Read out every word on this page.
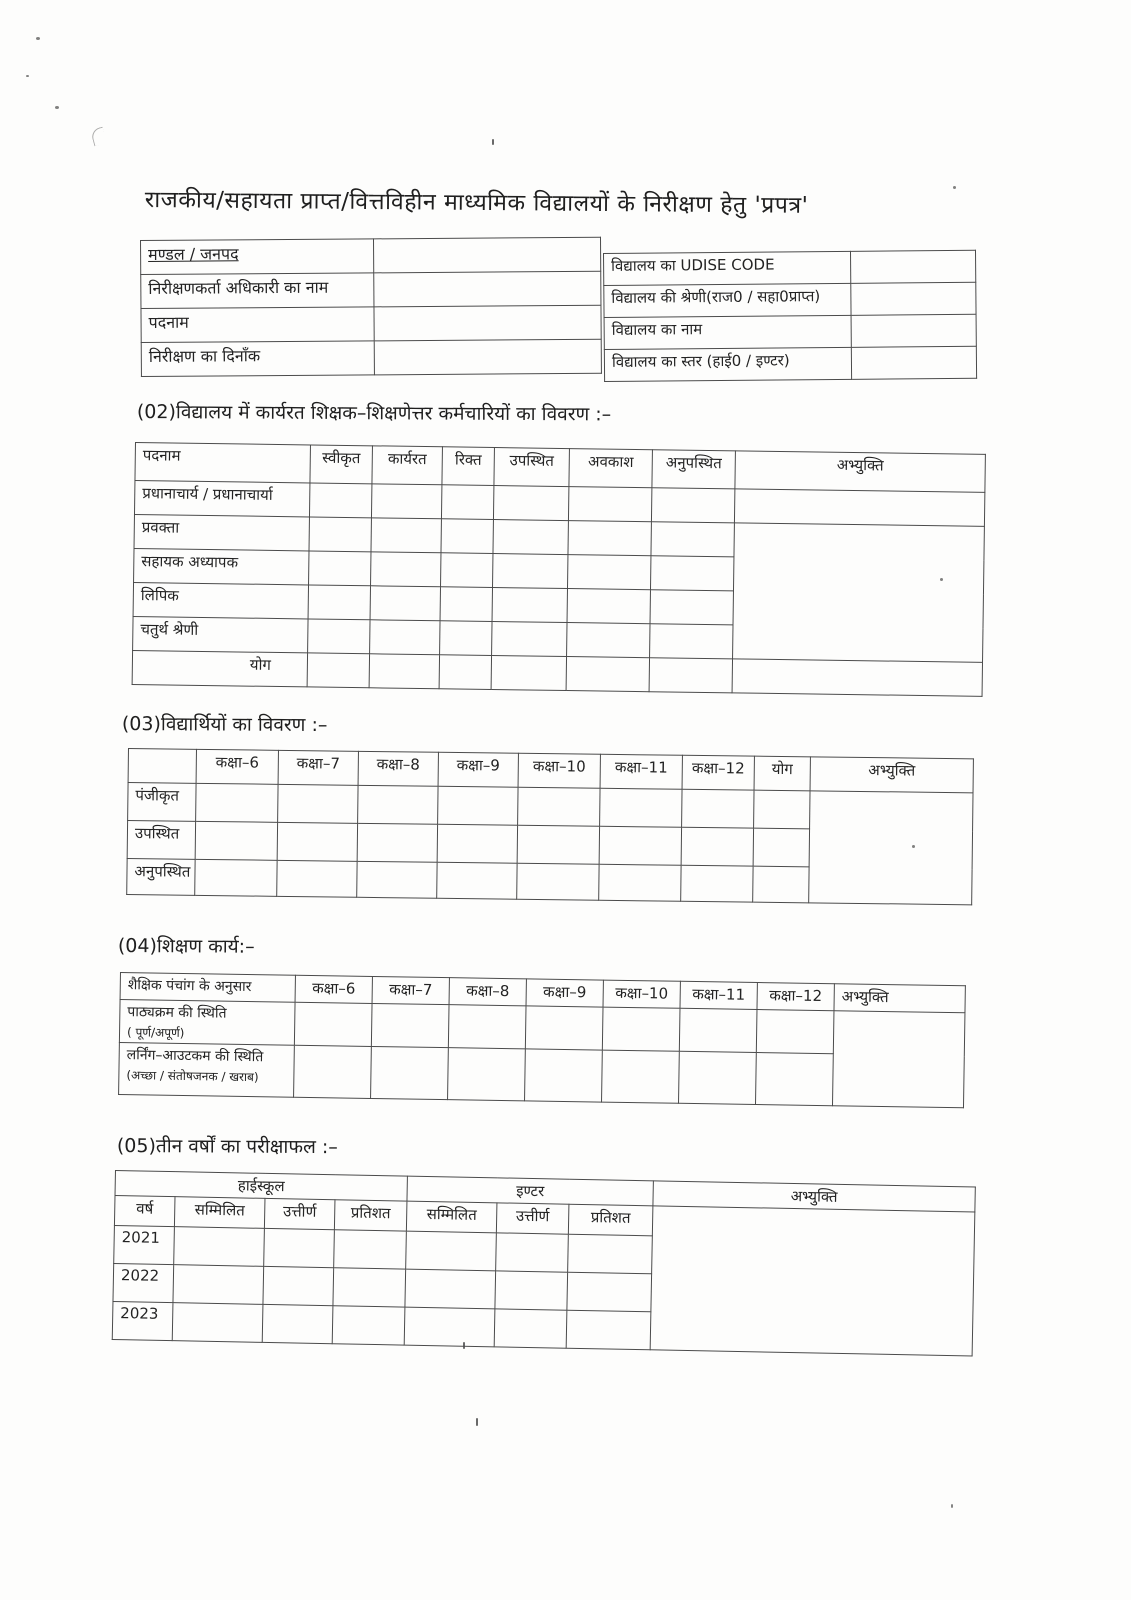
राजकीय/सहायता प्राप्त/वित्तविहीन माध्यमिक विद्यालयों के निरीक्षण हेतु 'प्रपत्र'
मण्डल / जनपद	
निरीक्षणकर्ता अधिकारी का नाम	
पदनाम	
निरीक्षण का दिनाँक	
विद्यालय का UDISE CODE	
विद्यालय की श्रेणी(राज0 / सहा0प्राप्त)	
विद्यालय का नाम	
विद्यालय का स्तर (हाई0 / इण्टर)	
(02)विद्यालय में कार्यरत शिक्षक–शिक्षणेत्तर कर्मचारियों का विवरण :–
पदनाम	स्वीकृत	कार्यरत	रिक्त	उपस्थित	अवकाश	अनुपस्थित	अभ्युक्ति
प्रधानाचार्य / प्रधानाचार्या							
प्रवक्ता							
सहायक अध्यापक							
लिपिक							
चतुर्थ श्रेणी							
योग							
(03)विद्यार्थियों का विवरण :–
	कक्षा–6	कक्षा–7	कक्षा–8	कक्षा–9	कक्षा–10	कक्षा–11	कक्षा–12	योग	अभ्युक्ति
पंजीकृत									
उपस्थित									
अनुपस्थित									
(04)शिक्षण कार्य:–
शैक्षिक पंचांग के अनुसार	कक्षा–6	कक्षा–7	कक्षा–8	कक्षा–9	कक्षा–10	कक्षा–11	कक्षा–12	अभ्युक्ति
पाठ्यक्रम की स्थिति
( पूर्ण/अपूर्ण)								

लर्निंग–आउटकम की स्थिति
(अच्छा / संतोषजनक / खराब)								

(05)तीन वर्षों का परीक्षाफल :–
हाईस्कूल				इण्टर			अभ्युक्ति
वर्ष	सम्मिलित	उत्तीर्ण	प्रतिशत	सम्मिलित	उत्तीर्ण	प्रतिशत	
2021							
2022							
2023							
